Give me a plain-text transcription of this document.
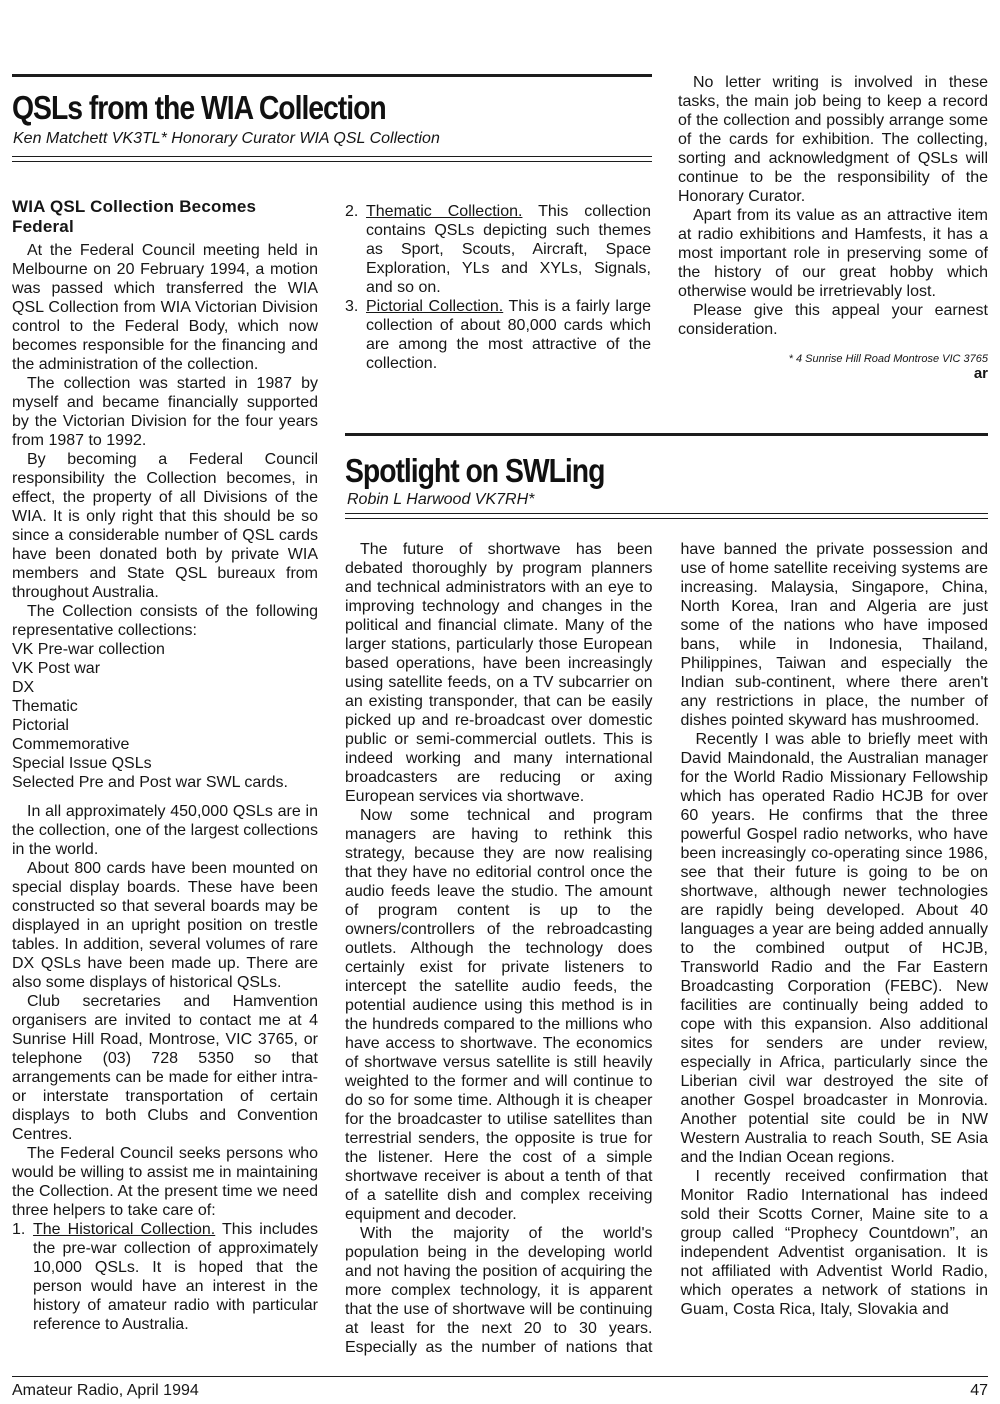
QSLs from the WIA Collection
Ken Matchett VK3TL* Honorary Curator WIA QSL Collection

WIA QSL Collection Becomes Federal

At the Federal Council meeting held in Melbourne on 20 February 1994, a motion was passed which transferred the WIA QSL Collection from WIA Victorian Division control to the Federal Body, which now becomes responsible for the financing and the administration of the collection.

The collection was started in 1987 by myself and became financially supported by the Victorian Division for the four years from 1987 to 1992.

By becoming a Federal Council responsibility the Collection becomes, in effect, the property of all Divisions of the WIA. It is only right that this should be so since a considerable number of QSL cards have been donated both by private WIA members and State QSL bureaux from throughout Australia.

The Collection consists of the following representative collections:

VK Pre-war collection
VK Post war
DX
Thematic
Pictorial
Commemorative
Special Issue QSLs
Selected Pre and Post war SWL cards.

In all approximately 450,000 QSLs are in the collection, one of the largest collections in the world.

About 800 cards have been mounted on special display boards. These have been constructed so that several boards may be displayed in an upright position on trestle tables. In addition, several volumes of rare DX QSLs have been made up. There are also some displays of historical QSLs.

Club secretaries and Hamvention organisers are invited to contact me at 4 Sunrise Hill Road, Montrose, VIC 3765, or telephone (03) 728 5350 so that arrangements can be made for either intra- or interstate transportation of certain displays to both Clubs and Convention Centres.

The Federal Council seeks persons who would be willing to assist me in maintaining the Collection. At the present time we need three helpers to take care of:

1. The Historical Collection. This includes the pre-war collection of approximately 10,000 QSLs. It is hoped that the person would have an interest in the history of amateur radio with particular reference to Australia.
2. Thematic Collection. This collection contains QSLs depicting such themes as Sport, Scouts, Aircraft, Space Exploration, YLs and XYLs, Signals, and so on.
3. Pictorial Collection. This is a fairly large collection of about 80,000 cards which are among the most attractive of the collection.

No letter writing is involved in these tasks, the main job being to keep a record of the collection and possibly arrange some of the cards for exhibition. The collecting, sorting and acknowledgment of QSLs will continue to be the responsibility of the Honorary Curator.

Apart from its value as an attractive item at radio exhibitions and Hamfests, it has a most important role in preserving some of the history of our great hobby which otherwise would be irretrievably lost.

Please give this appeal your earnest consideration.

* 4 Sunrise Hill Road Montrose VIC 3765

ar

Spotlight on SWLing
Robin L Harwood VK7RH*

The future of shortwave has been debated thoroughly by program planners and technical administrators with an eye to improving technology and changes in the political and financial climate. Many of the larger stations, particularly those European based operations, have been increasingly using satellite feeds, on a TV subcarrier on an existing transponder, that can be easily picked up and re-broadcast over domestic public or semi-commercial outlets. This is indeed working and many international broadcasters are reducing or axing European services via shortwave.

Now some technical and program managers are having to rethink this strategy, because they are now realising that they have no editorial control once the audio feeds leave the studio. The amount of program content is up to the owners/controllers of the rebroadcasting outlets. Although the technology does certainly exist for private listeners to intercept the satellite audio feeds, the potential audience using this method is in the hundreds compared to the millions who have access to shortwave. The economics of shortwave versus satellite is still heavily weighted to the former and will continue to do so for some time. Although it is cheaper for the broadcaster to utilise satellites than terrestrial senders, the opposite is true for the listener. Here the cost of a simple shortwave receiver is about a tenth of that of a satellite dish and complex receiving equipment and decoder.

With the majority of the world's population being in the developing world and not having the position of acquiring the more complex technology, it is apparent that the use of shortwave will be continuing at least for the next 20 to 30 years. Especially as the number of nations that have banned the private possession and use of home satellite receiving systems are increasing. Malaysia, Singapore, China, North Korea, Iran and Algeria are just some of the nations who have imposed bans, while in Indonesia, Thailand, Philippines, Taiwan and especially the Indian sub-continent, where there aren't any restrictions in place, the number of dishes pointed skyward has mushroomed.

Recently I was able to briefly meet with David Maindonald, the Australian manager for the World Radio Missionary Fellowship which has operated Radio HCJB for over 60 years. He confirms that the three powerful Gospel radio networks, who have been increasingly co-operating since 1986, see that their future is going to be on shortwave, although newer technologies are rapidly being developed. About 40 languages a year are being added annually to the combined output of HCJB, Transworld Radio and the Far Eastern Broadcasting Corporation (FEBC). New facilities are continually being added to cope with this expansion. Also additional sites for senders are under review, especially in Africa, particularly since the Liberian civil war destroyed the site of another Gospel broadcaster in Monrovia. Another potential site could be in NW Western Australia to reach South, SE Asia and the Indian Ocean regions.

I recently received confirmation that Monitor Radio International has indeed sold their Scotts Corner, Maine site to a group called “Prophecy Countdown”, an independent Adventist organisation. It is not affiliated with Adventist World Radio, which operates a network of stations in Guam, Costa Rica, Italy, Slovakia and

Amateur Radio, April 1994	47
